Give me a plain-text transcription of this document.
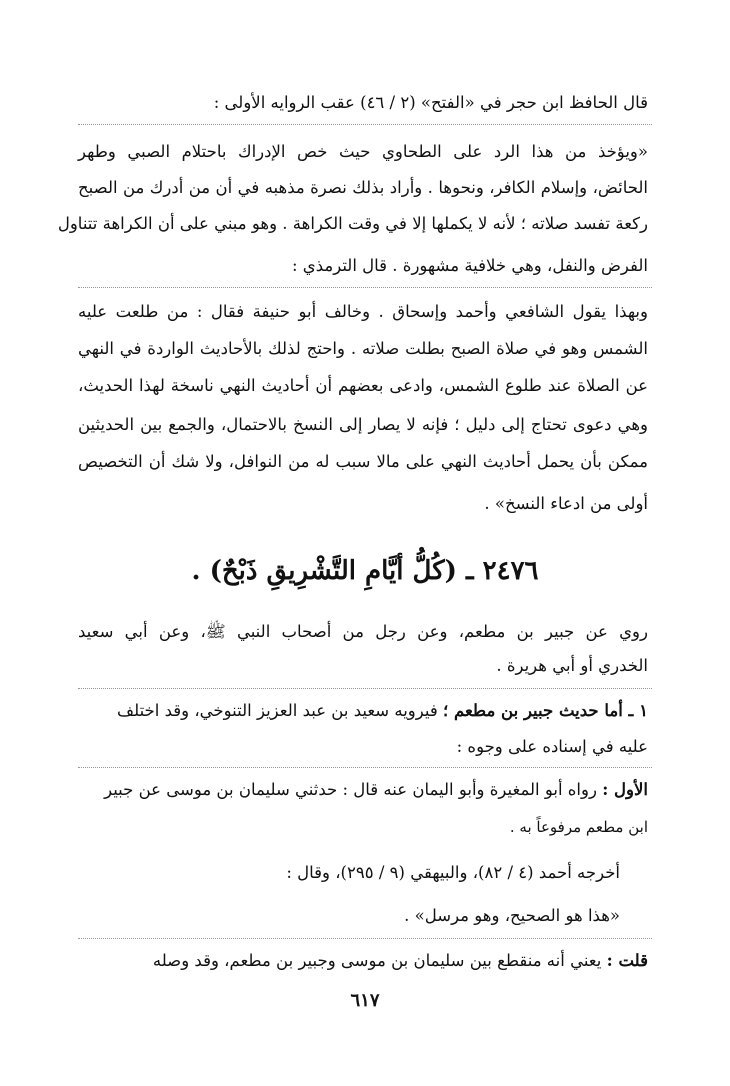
قال الحافظ ابن حجر في «الفتح» (٢ / ٤٦) عقب الروايه الأولى :
«ويؤخذ من هذا الرد على الطحاوي حيث خص الإدراك باحتلام الصبي وطهر
الحائض، وإسلام الكافر، ونحوها . وأراد بذلك نصرة مذهبه في أن من أدرك من الصبح
ركعة تفسد صلاته ؛ لأنه لا يكملها إلا في وقت الكراهة . وهو مبني على أن الكراهة تتناول
الفرض والنفل، وهي خلافية مشهورة . قال الترمذي :
وبهذا يقول الشافعي وأحمد وإسحاق . وخالف أبو حنيفة فقال : من طلعت عليه
الشمس وهو في صلاة الصبح بطلت صلاته . واحتج لذلك بالأحاديث الواردة في النهي
عن الصلاة عند طلوع الشمس، وادعى بعضهم أن أحاديث النهي ناسخة لهذا الحديث،
وهي دعوى تحتاج إلى دليل ؛ فإنه لا يصار إلى النسخ بالاحتمال، والجمع بين الحديثين
ممكن بأن يحمل أحاديث النهي على مالا سبب له من النوافل، ولا شك أن التخصيص
أولى من ادعاء النسخ» .
٢٤٧٦ ـ (كُلُّ أيَّامِ التَّشْرِيقِ ذَبْحٌ) .
روي عن جبير بن مطعم، وعن رجل من أصحاب النبي ﷺ، وعن أبي سعيد
الخدري أو أبي هريرة .
١ ـ أما حديث جبير بن مطعم ؛ فيرويه سعيد بن عبد العزيز التنوخي، وقد اختلف
عليه في إسناده على وجوه :
الأول : رواه أبو المغيرة وأبو اليمان عنه قال : حدثني سليمان بن موسى عن جبير
ابن مطعم مرفوعاً به .
أخرجه أحمد (٤ / ٨٢)، والبيهقي (٩ / ٢٩٥)، وقال :
«هذا هو الصحيح، وهو مرسل» .
قلت : يعني أنه منقطع بين سليمان بن موسى وجبير بن مطعم، وقد وصله
٦١٧
